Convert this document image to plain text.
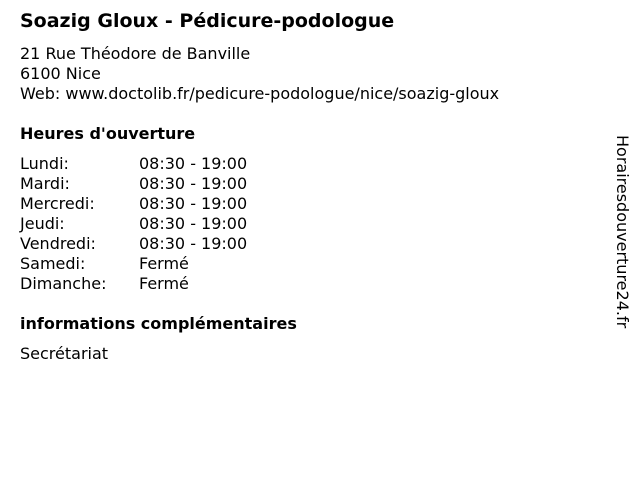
Soazig Gloux - Pédicure-podologue
21 Rue Théodore de Banville
6100 Nice
Web: www.doctolib.fr/pedicure-podologue/nice/soazig-gloux
Heures d'ouverture
Lundi:	08:30 - 19:00
Mardi:	08:30 - 19:00
Mercredi:	08:30 - 19:00
Jeudi:	08:30 - 19:00
Vendredi:	08:30 - 19:00
Samedi:	Fermé
Dimanche: Fermé
informations complémentaires
Secrétariat
Horairesdouverture24.fr
